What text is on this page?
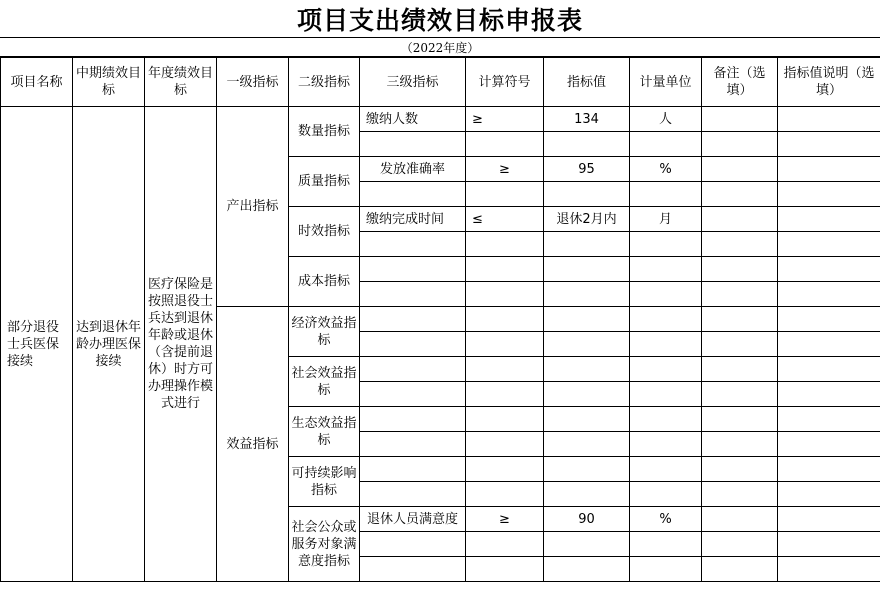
项目支出绩效目标申报表
（2022年度）
项目名称	中期绩效目标	年度绩效目标	一级指标	二级指标	三级指标	计算符号	指标值	计量单位	备注（选填）	指标值说明（选填）
部分退役士兵医保接续	达到退休年龄办理医保接续	医疗保险是按照退役士兵达到退休年龄或退休（含提前退休）时方可办理操作模式进行	产出指标	数量指标	缴纳人数	≥	134	人		

				质量指标	发放准确率	≥	95	%		

				时效指标	缴纳完成时间	≤	退休2月内	月		

				成本指标						

			效益指标	经济效益指标						

				社会效益指标						

				生态效益指标						

				可持续影响指标						

				社会公众或服务对象满意度指标	退休人员满意度	≥	90	%		
